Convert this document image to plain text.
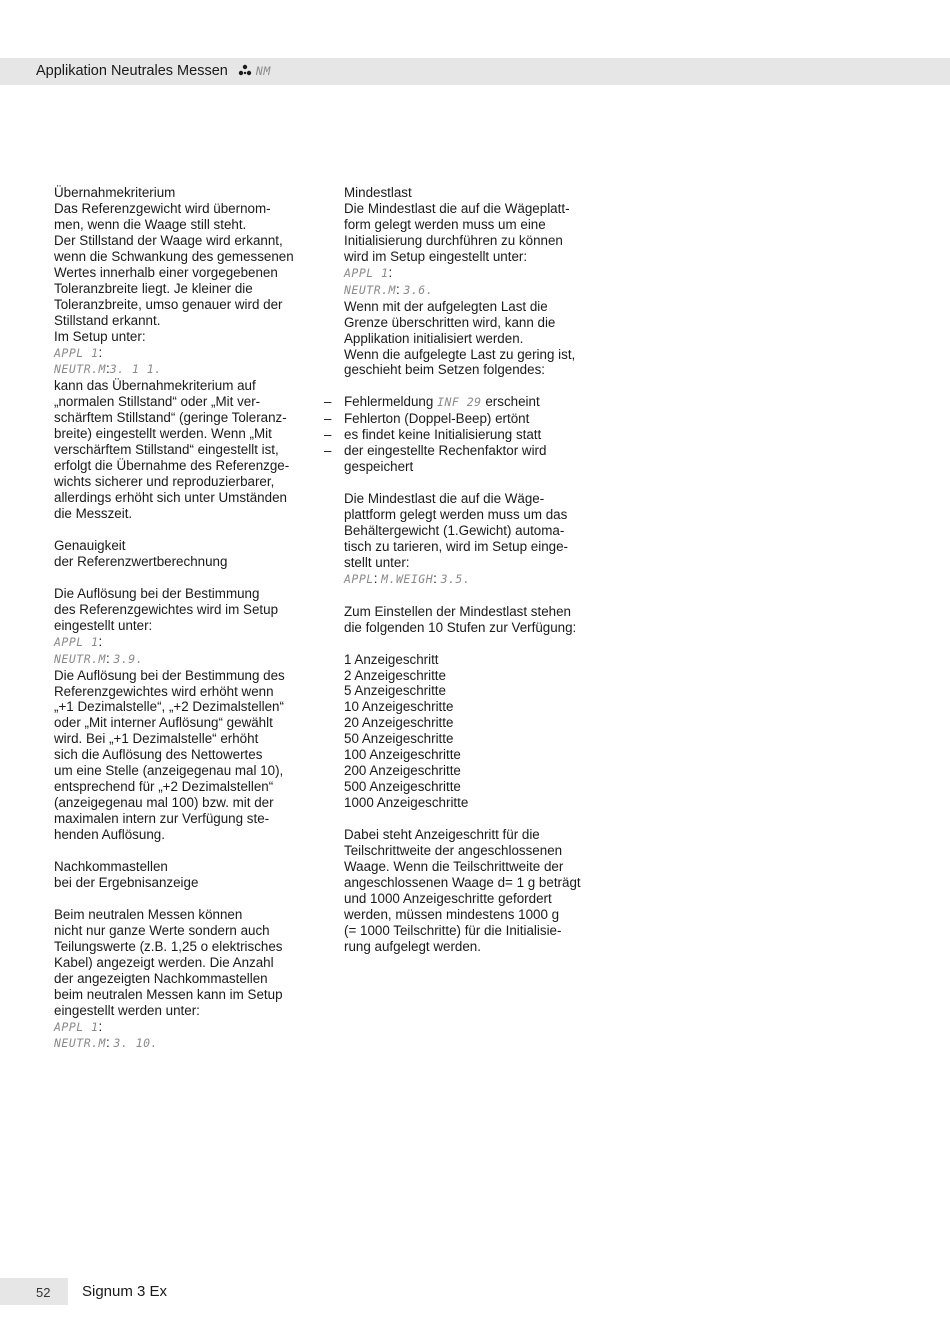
Applikation Neutrales Messen NM

Übernahmekriterium

Das Referenzgewicht wird übernom-

men, wenn die Waage still steht.

Der Stillstand der Waage wird erkannt,

wenn die Schwankung des gemessenen

Wertes innerhalb einer vorgegebenen

Toleranzbreite liegt. Je kleiner die

Toleranzbreite, umso genauer wird der

Stillstand erkannt.

Im Setup unter:

APPL 1:

NEUTR.M:3. 1 1.

kann das Übernahmekriterium auf

„normalen Stillstand“ oder „Mit ver-

schärftem Stillstand“ (geringe Toleranz-

breite) eingestellt werden. Wenn „Mit

verschärftem Stillstand“ eingestellt ist,

erfolgt die Übernahme des Referenzge-

wichts sicherer und reproduzierbarer,

allerdings erhöht sich unter Umständen

die Messzeit.

Genauigkeit

der Referenzwertberechnung

Die Auflösung bei der Bestimmung

des Referenzgewichtes wird im Setup

eingestellt unter:

APPL 1:

NEUTR.M: 3.9.

Die Auflösung bei der Bestimmung des

Referenzgewichtes wird erhöht wenn

„+1 Dezimalstelle“, „+2 Dezimalstellen“

oder „Mit interner Auflösung“ gewählt

wird. Bei „+1 Dezimalstelle“ erhöht

sich die Auflösung des Nettowertes

um eine Stelle (anzeigegenau mal 10),

entsprechend für „+2 Dezimalstellen“

(anzeigegenau mal 100) bzw. mit der

maximalen intern zur Verfügung ste-

henden Auflösung.

Nachkommastellen

bei der Ergebnisanzeige

Beim neutralen Messen können

nicht nur ganze Werte sondern auch

Teilungswerte (z.B. 1,25 o elektrisches

Kabel) angezeigt werden. Die Anzahl

der angezeigten Nachkommastellen

beim neutralen Messen kann im Setup

eingestellt werden unter:

APPL 1:

NEUTR.M: 3. 10.

Mindestlast

Die Mindestlast die auf die Wägeplatt-

form gelegt werden muss um eine

Initialisierung durchführen zu können

wird im Setup eingestellt unter:

APPL 1:

NEUTR.M: 3.6.

Wenn mit der aufgelegten Last die

Grenze überschritten wird, kann die

Applikation initialisiert werden.

Wenn die aufgelegte Last zu gering ist,

geschieht beim Setzen folgendes:

– Fehlermeldung INF 29 erscheint

– Fehlerton (Doppel-Beep) ertönt

– es findet keine Initialisierung statt

– der eingestellte Rechenfaktor wird

gespeichert

Die Mindestlast die auf die Wäge-

plattform gelegt werden muss um das

Behältergewicht (1.Gewicht) automa-

tisch zu tarieren, wird im Setup einge-

stellt unter:

APPL: M.WEIGH: 3.5.

Zum Einstellen der Mindestlast stehen

die folgenden 10 Stufen zur Verfügung:

1 Anzeigeschritt

2 Anzeigeschritte

5 Anzeigeschritte

10 Anzeigeschritte

20 Anzeigeschritte

50 Anzeigeschritte

100 Anzeigeschritte

200 Anzeigeschritte

500 Anzeigeschritte

1000 Anzeigeschritte

Dabei steht Anzeigeschritt für die

Teilschrittweite der angeschlossenen

Waage. Wenn die Teilschrittweite der

angeschlossenen Waage d= 1 g beträgt

und 1000 Anzeigeschritte gefordert

werden, müssen mindestens 1000 g

(= 1000 Teilschritte) für die Initialisie-

rung aufgelegt werden.

52 Signum 3 Ex
